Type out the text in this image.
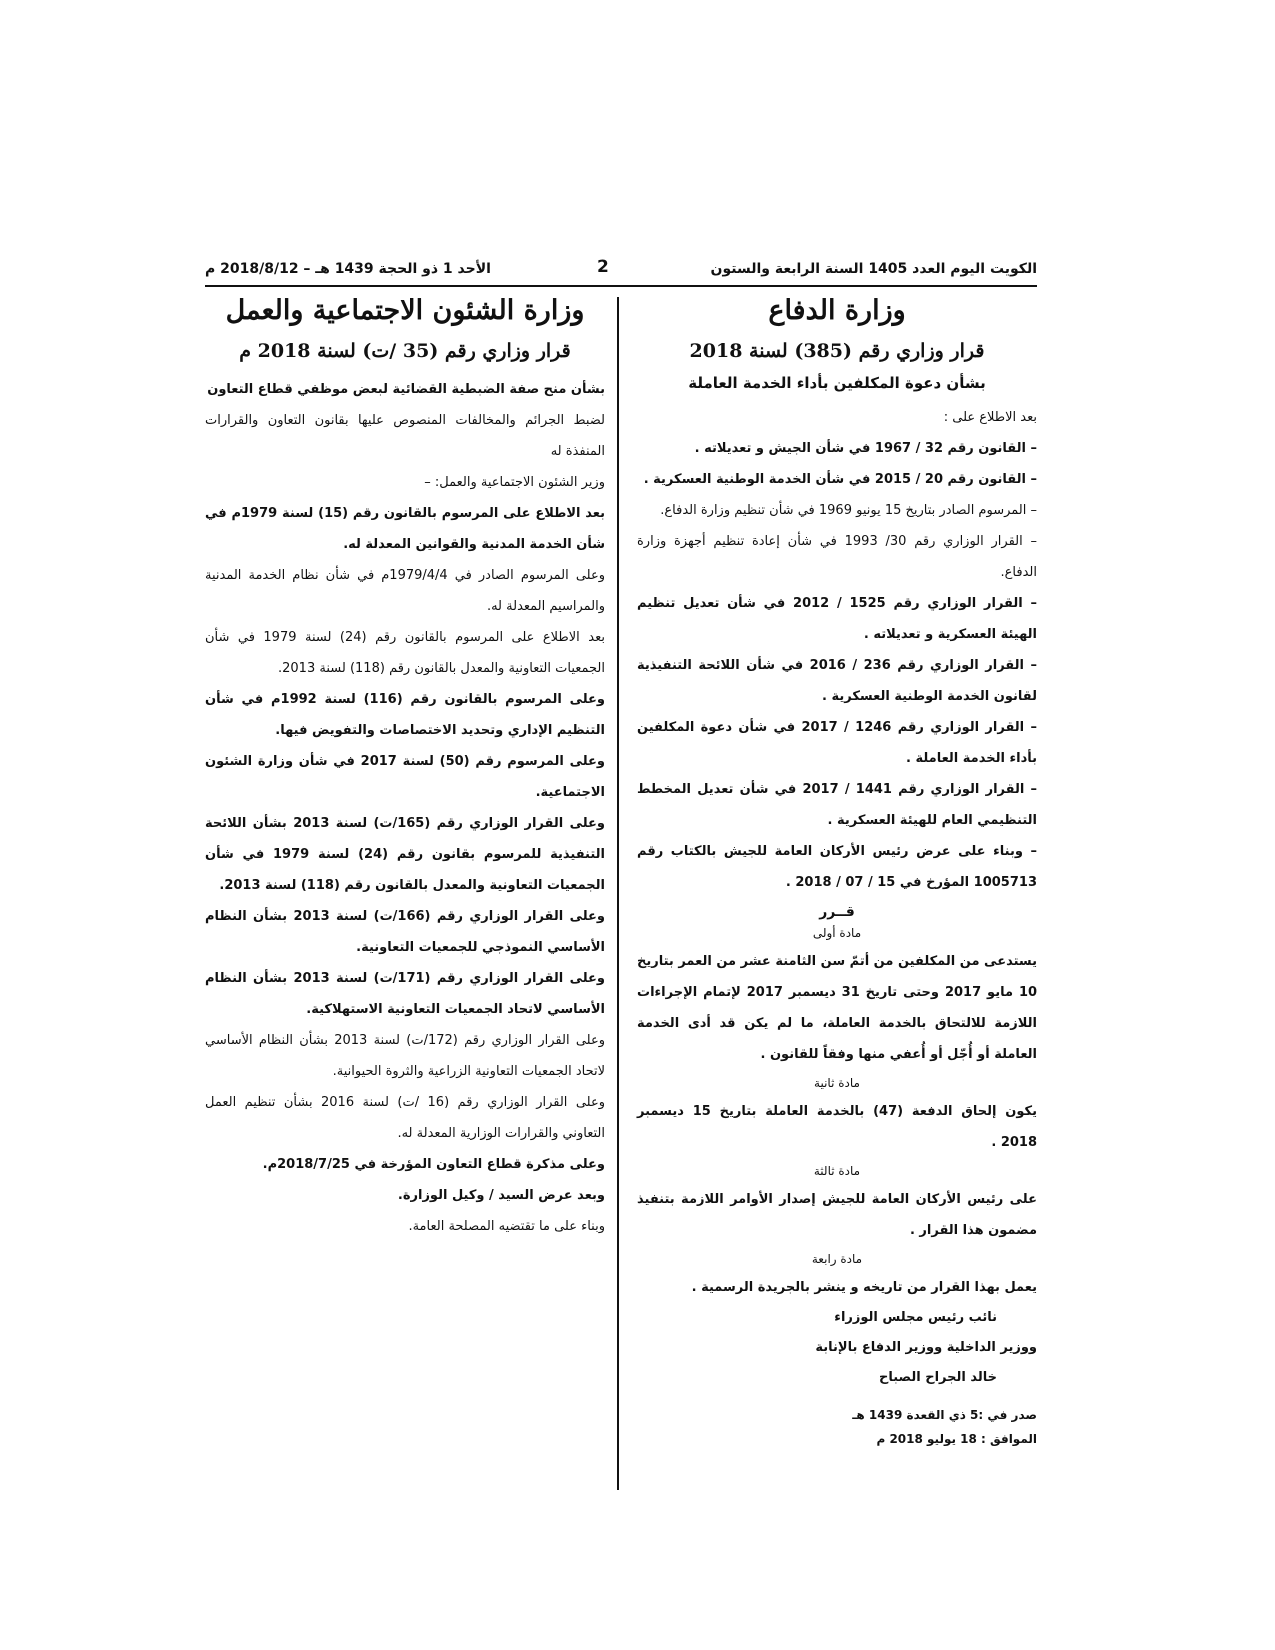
الكويت اليوم العدد 1405 السنة الرابعة والستون
2
الأحد 1 ذو الحجة 1439 هـ – 2018/8/12 م
وزارة الدفاع
قرار وزاري رقم (385) لسنة 2018
بشأن دعوة المكلفين بأداء الخدمة العاملة

بعد الاطلاع على :

– القانون رقم 32 / 1967 في شأن الجيش و تعديلاته .

– القانون رقم 20 / 2015 في شأن الخدمة الوطنية العسكرية .

– المرسوم الصادر بتاريخ 15 يونيو 1969 في شأن تنظيم وزارة الدفاع.

– القرار الوزاري رقم 30/ 1993 في شأن إعادة تنظيم أجهزة وزارة الدفاع.

– القرار الوزاري رقم 1525 / 2012 في شأن تعديل تنظيم الهيئة العسكرية و تعديلاته .

– القرار الوزاري رقم 236 / 2016 في شأن اللائحة التنفيذية لقانون الخدمة الوطنية العسكرية .

– القرار الوزاري رقم 1246 / 2017 في شأن دعوة المكلفين بأداء الخدمة العاملة .

– القرار الوزاري رقم 1441 / 2017 في شأن تعديل المخطط التنظيمي العام للهيئة العسكرية .

– وبناء على عرض رئيس الأركان العامة للجيش بالكتاب رقم 1005713 المؤرخ في 15 / 07 / 2018 .

قــرر
مادة أولى

يستدعى من المكلفين من أتمّ سن الثامنة عشر من العمر بتاريخ 10 مايو 2017 وحتى تاريخ 31 ديسمبر 2017 لإتمام الإجراءات اللازمة للالتحاق بالخدمة العاملة، ما لم يكن قد أدى الخدمة العاملة أو أُجّل أو أُعفي منها وفقاً للقانون .

مادة ثانية

يكون إلحاق الدفعة (47) بالخدمة العاملة بتاريخ 15 ديسمبر 2018 .

مادة ثالثة

على رئيس الأركان العامة للجيش إصدار الأوامر اللازمة بتنفيذ مضمون هذا القرار .

مادة رابعة

يعمل بهذا القرار من تاريخه و ينشر بالجريدة الرسمية .

نائب رئيس مجلس الوزراء

ووزير الداخلية ووزير الدفاع بالإنابة

خالد الجراح الصباح

صدر في :5 ذي القعدة 1439 هـ
الموافق : 18 يوليو 2018 م
وزارة الشئون الاجتماعية والعمل
قرار وزاري رقم (35 /ت) لسنة 2018 م

بشأن منح صفة الضبطية القضائية لبعض موظفي قطاع التعاون

لضبط الجرائم والمخالفات المنصوص عليها بقانون التعاون والقرارات المنفذة له

وزير الشئون الاجتماعية والعمل: –

بعد الاطلاع على المرسوم بالقانون رقم (15) لسنة 1979م في شأن الخدمة المدنية والقوانين المعدلة له.

وعلى المرسوم الصادر في 1979/4/4م في شأن نظام الخدمة المدنية والمراسيم المعدلة له.

بعد الاطلاع على المرسوم بالقانون رقم (24) لسنة 1979 في شأن الجمعيات التعاونية والمعدل بالقانون رقم (118) لسنة 2013.

وعلى المرسوم بالقانون رقم (116) لسنة 1992م في شأن التنظيم الإداري وتحديد الاختصاصات والتفويض فيها.

وعلى المرسوم رقم (50) لسنة 2017 في شأن وزارة الشئون الاجتماعية.

وعلى القرار الوزاري رقم (165/ت) لسنة 2013 بشأن اللائحة التنفيذية للمرسوم بقانون رقم (24) لسنة 1979 في شأن الجمعيات التعاونية والمعدل بالقانون رقم (118) لسنة 2013.

وعلى القرار الوزاري رقم (166/ت) لسنة 2013 بشأن النظام الأساسي النموذجي للجمعيات التعاونية.

وعلى القرار الوزاري رقم (171/ت) لسنة 2013 بشأن النظام الأساسي لاتحاد الجمعيات التعاونية الاستهلاكية.

وعلى القرار الوزاري رقم (172/ت) لسنة 2013 بشأن النظام الأساسي لاتحاد الجمعيات التعاونية الزراعية والثروة الحيوانية.

وعلى القرار الوزاري رقم (16 /ت) لسنة 2016 بشأن تنظيم العمل التعاوني والقرارات الوزارية المعدلة له.

وعلى مذكرة قطاع التعاون المؤرخة في 2018/7/25م.

وبعد عرض السيد / وكيل الوزارة.

وبناء على ما تقتضيه المصلحة العامة.
